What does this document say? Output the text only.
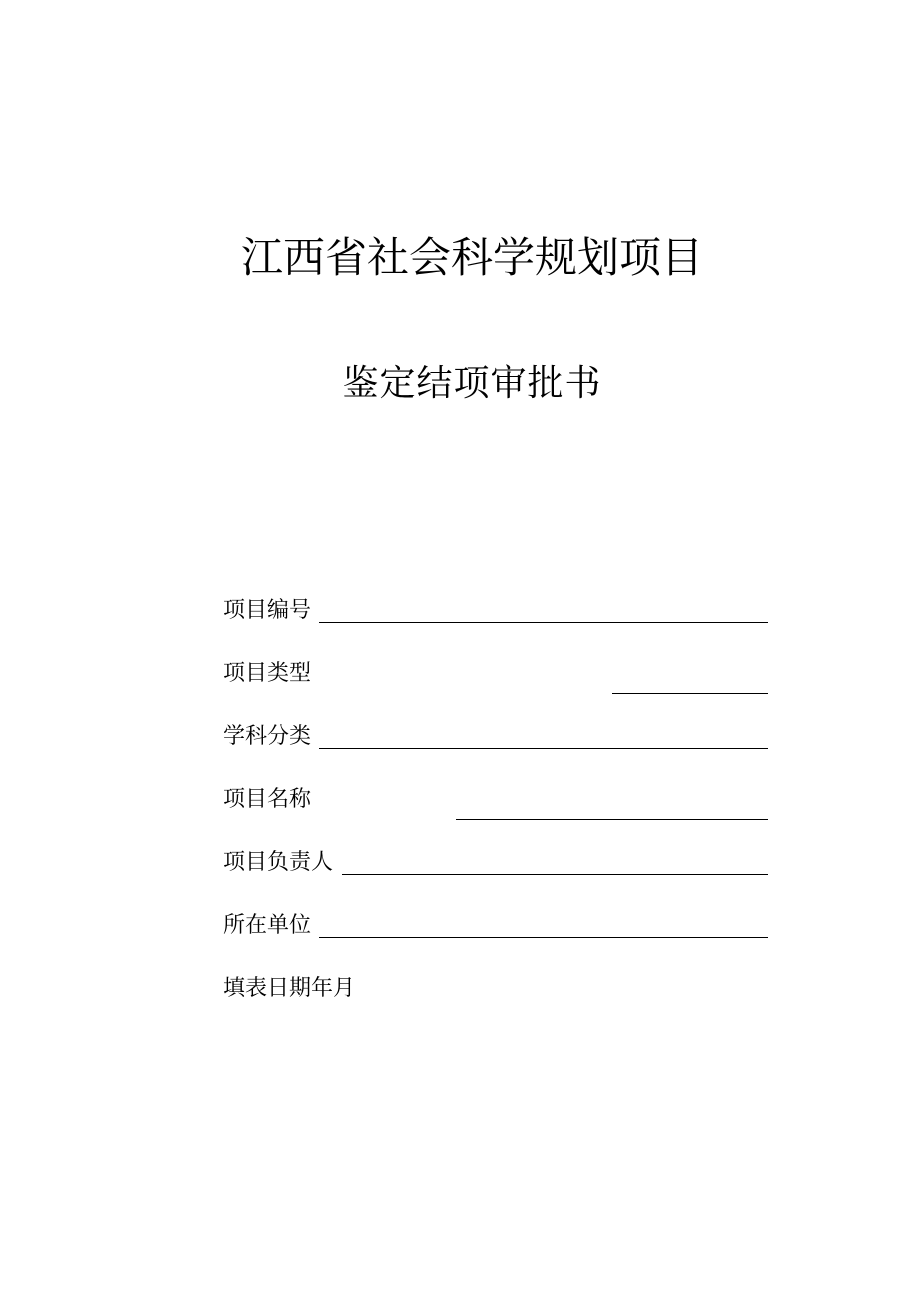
江西省社会科学规划项目
鉴定结项审批书
项目编号
项目类型
学科分类
项目名称
项目负责人
所在单位
填表日期年月
